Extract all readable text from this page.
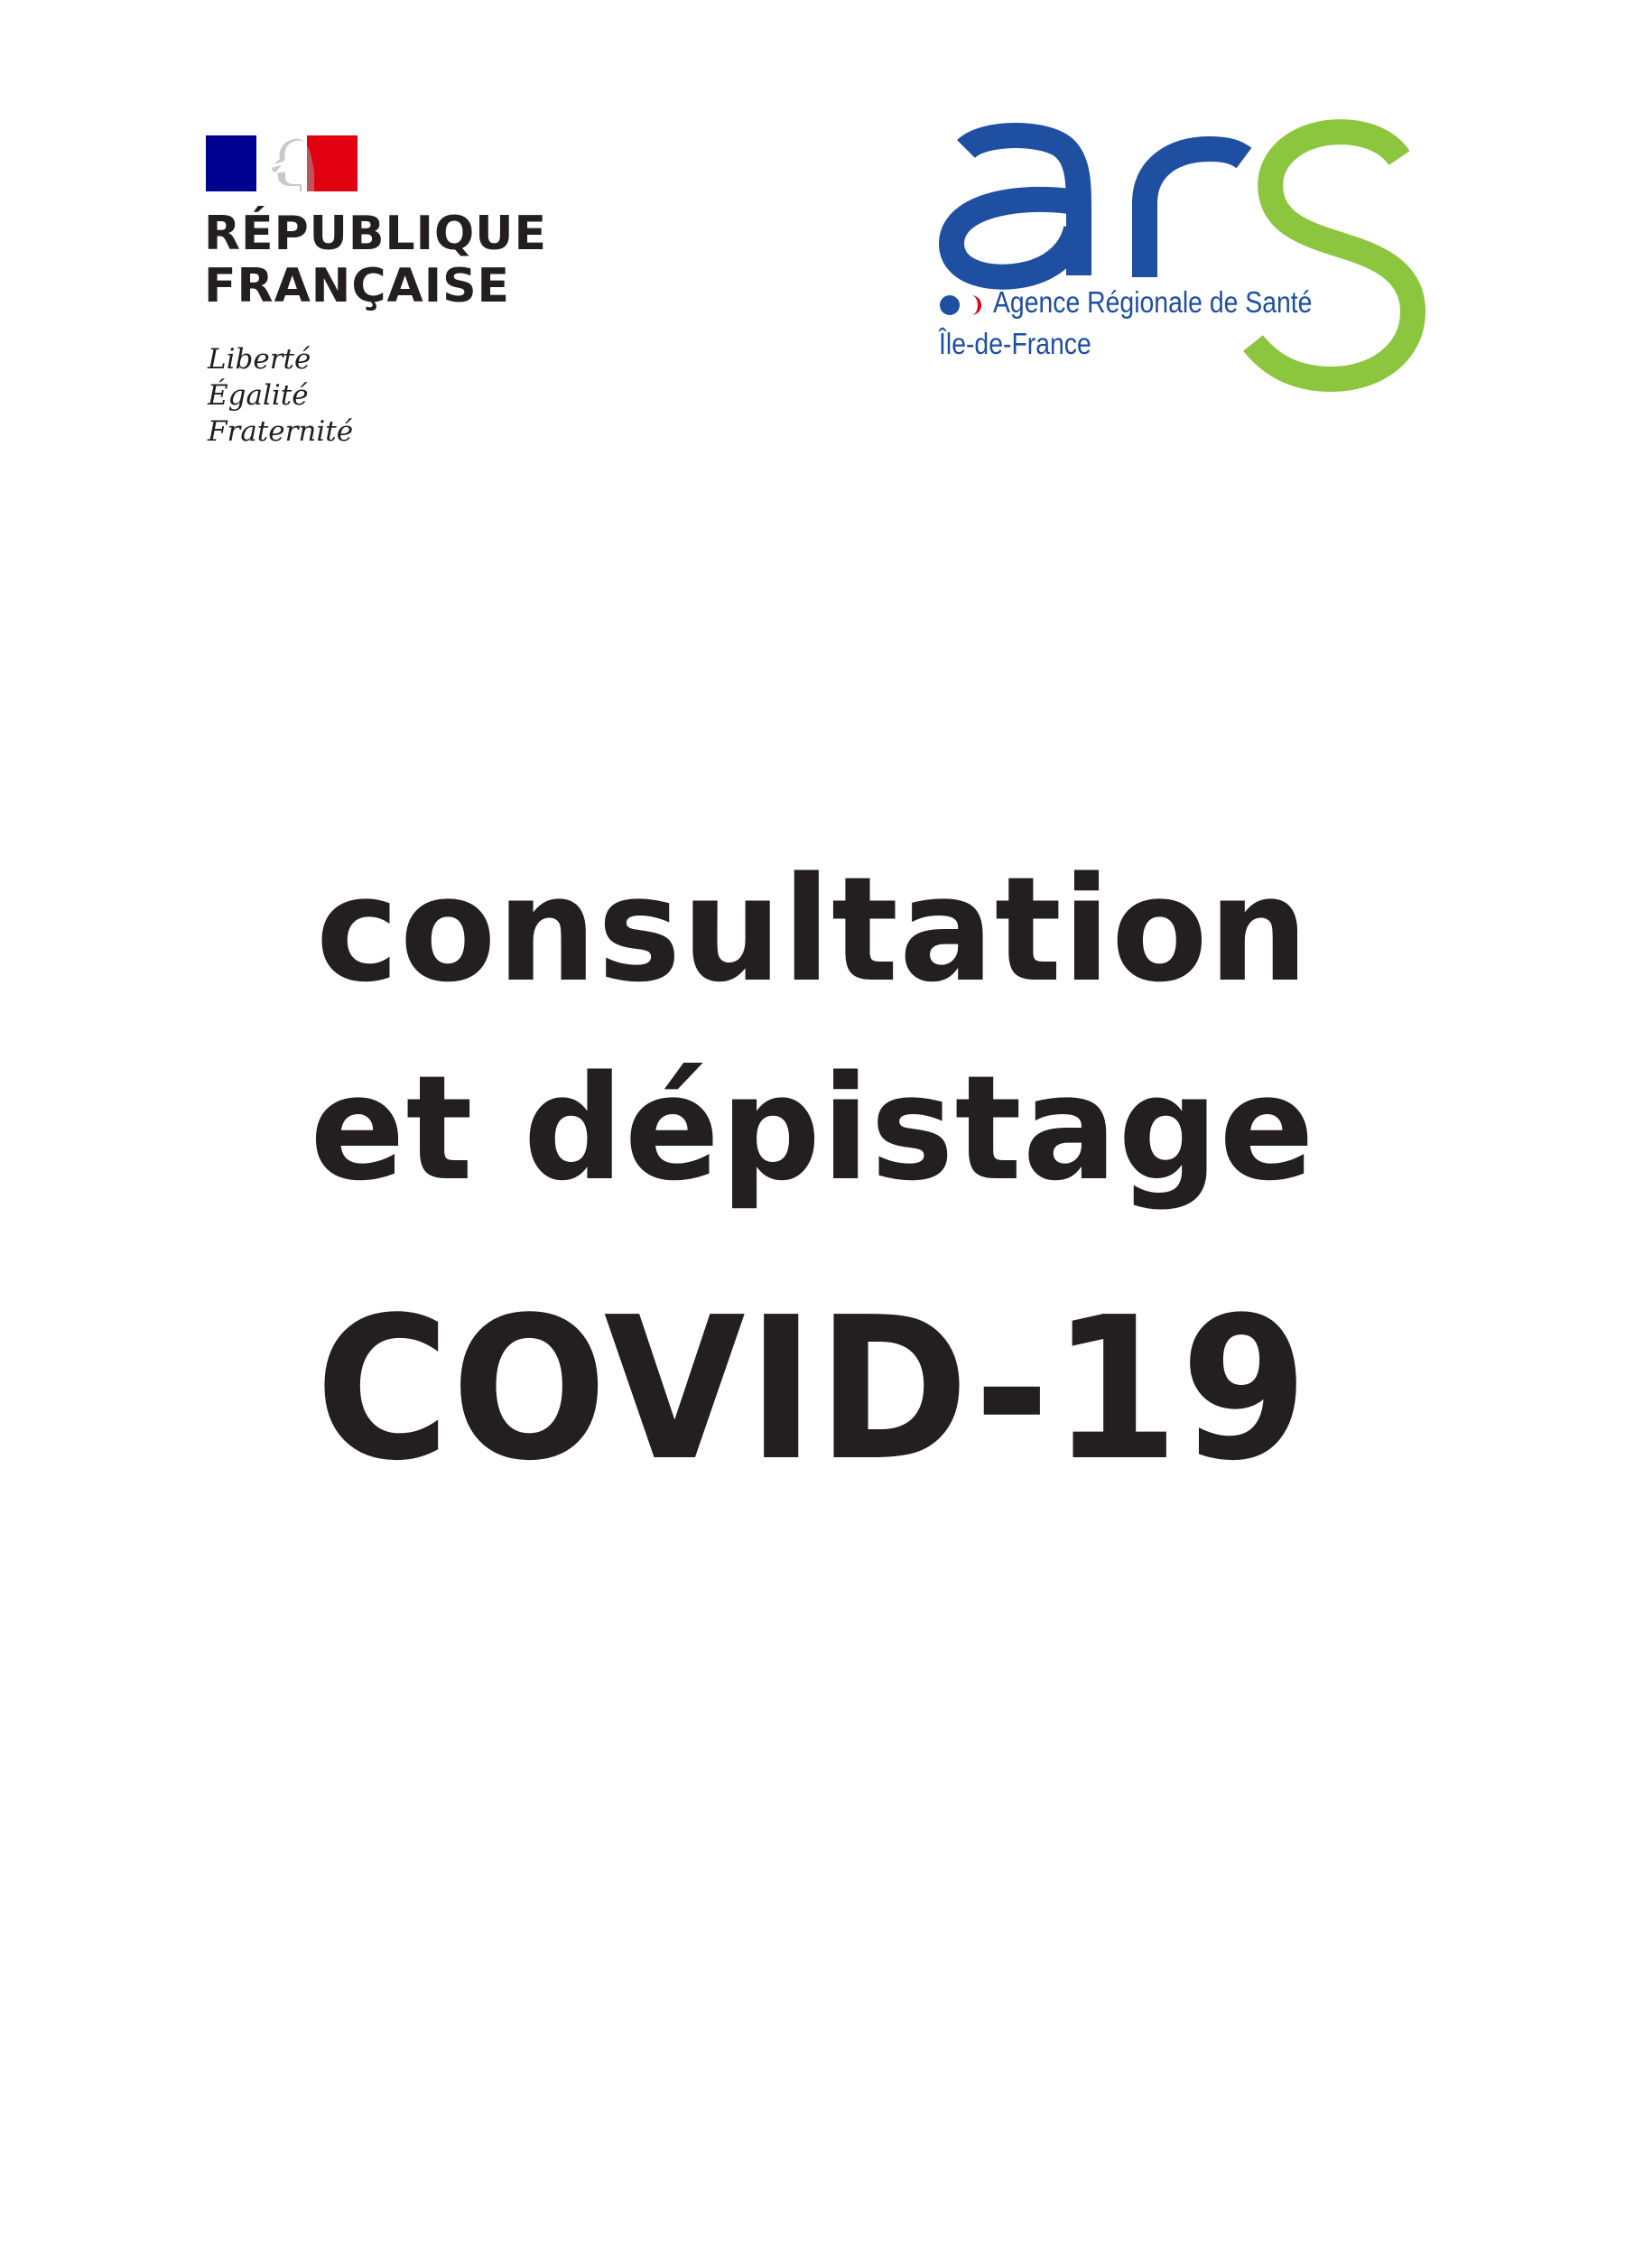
RÉPUBLIQUE
FRANÇAISE
Liberté
Égalité
Fraternité
Agence Régionale de Santé
Île-de-France
consultation
et dépistage
COVID-19
